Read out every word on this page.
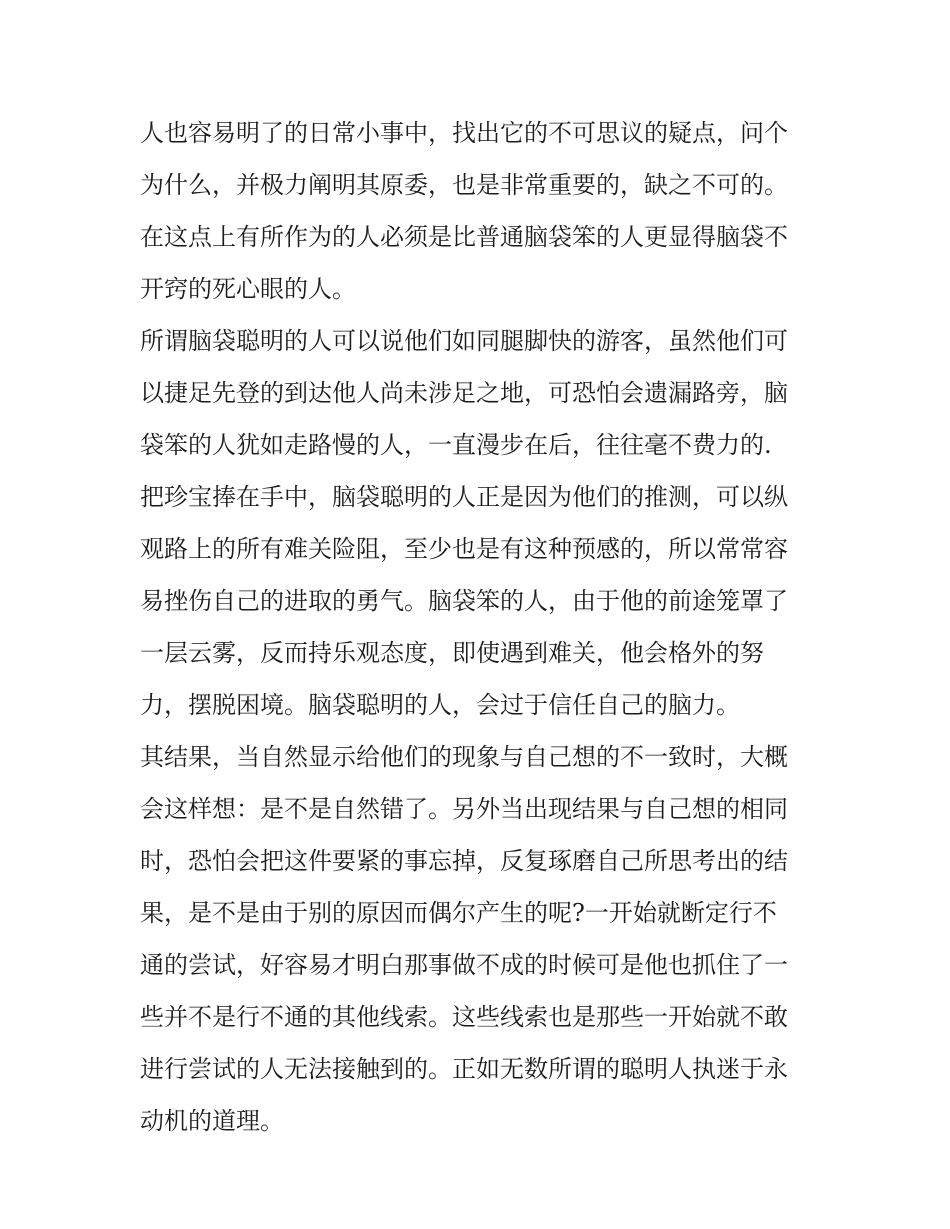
人也容易明了的日常小事中，找出它的不可思议的疑点，问个
为什么，并极力阐明其原委，也是非常重要的，缺之不可的。
在这点上有所作为的人必须是比普通脑袋笨的人更显得脑袋不
开窍的死心眼的人。
所谓脑袋聪明的人可以说他们如同腿脚快的游客，虽然他们可
以捷足先登的到达他人尚未涉足之地，可恐怕会遗漏路旁，脑
袋笨的人犹如走路慢的人，一直漫步在后，往往毫不费力的.
把珍宝捧在手中，脑袋聪明的人正是因为他们的推测，可以纵
观路上的所有难关险阻，至少也是有这种预感的，所以常常容
易挫伤自己的进取的勇气。脑袋笨的人，由于他的前途笼罩了
一层云雾，反而持乐观态度，即使遇到难关，他会格外的努
力，摆脱困境。脑袋聪明的人，会过于信任自己的脑力。
其结果，当自然显示给他们的现象与自己想的不一致时，大概
会这样想：是不是自然错了。另外当出现结果与自己想的相同
时，恐怕会把这件要紧的事忘掉，反复琢磨自己所思考出的结
果，是不是由于别的原因而偶尔产生的呢?一开始就断定行不
通的尝试，好容易才明白那事做不成的时候可是他也抓住了一
些并不是行不通的其他线索。这些线索也是那些一开始就不敢
进行尝试的人无法接触到的。正如无数所谓的聪明人执迷于永
动机的道理。
